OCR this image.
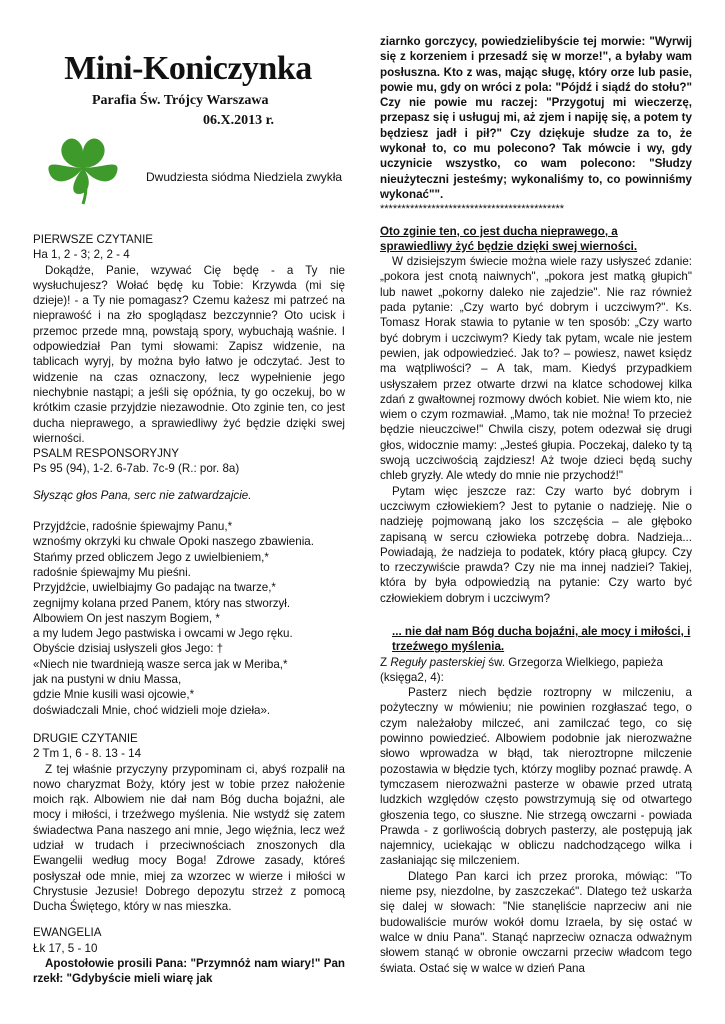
Mini-Koniczynka
Parafia Św. Trójcy Warszawa
06.X.2013 r.
Dwudziesta siódma Niedziela zwykła
PIERWSZE CZYTANIE
Ha 1, 2 - 3; 2, 2 - 4
Dokądże, Panie, wzywać Cię będę - a Ty nie wysłuchujesz? Wołać będę ku Tobie: Krzywda (mi się dzieje)! - a Ty nie pomagasz? Czemu każesz mi patrzeć na nieprawość i na zło spoglądasz bezczynnie? Oto ucisk i przemoc przede mną, powstają spory, wybuchają waśnie. I odpowiedział Pan tymi słowami: Zapisz widzenie, na tablicach wyryj, by można było łatwo je odczytać. Jest to widzenie na czas oznaczony, lecz wypełnienie jego niechybnie nastąpi; a jeśli się opóźnia, ty go oczekuj, bo w krótkim czasie przyjdzie niezawodnie. Oto zginie ten, co jest ducha nieprawego, a sprawiedliwy żyć będzie dzięki swej wierności.
PSALM RESPONSORYJNY
Ps 95 (94), 1-2. 6-7ab. 7c-9 (R.: por. 8a)
Słysząc głos Pana, serc nie zatwardzajcie.
Przyjdźcie, radośnie śpiewajmy Panu,*
wznośmy okrzyki ku chwale Opoki naszego zbawienia.
Stańmy przed obliczem Jego z uwielbieniem,*
radośnie śpiewajmy Mu pieśni.
Przyjdźcie, uwielbiajmy Go padając na twarze,*
zegnijmy kolana przed Panem, który nas stworzył.
Albowiem On jest naszym Bogiem, *
a my ludem Jego pastwiska i owcami w Jego ręku.
Obyście dzisiaj usłyszeli głos Jego: †
«Niech nie twardnieją wasze serca jak w Meriba,*
jak na pustyni w dniu Massa,
gdzie Mnie kusili wasi ojcowie,*
doświadczali Mnie, choć widzieli moje dzieła».
DRUGIE CZYTANIE
2 Tm 1, 6 - 8. 13 - 14
Z tej właśnie przyczyny przypominam ci, abyś rozpalił na nowo charyzmat Boży, który jest w tobie przez nałożenie moich rąk. Albowiem nie dał nam Bóg ducha bojaźni, ale mocy i miłości, i trzeźwego myślenia. Nie wstydź się zatem świadectwa Pana naszego ani mnie, Jego więźnia, lecz weź udział w trudach i przeciwnościach znoszonych dla Ewangelii według mocy Boga! Zdrowe zasady, któreś posłyszał ode mnie, miej za wzorzec w wierze i miłości w Chrystusie Jezusie! Dobrego depozytu strzeż z pomocą Ducha Świętego, który w nas mieszka.
EWANGELIA
Łk 17, 5 - 10
Apostołowie prosili Pana: "Przymnóż nam wiary!" Pan rzekł: "Gdybyście mieli wiarę jak
ziarnko gorczycy, powiedzielibyście tej morwie: "Wyrwij się z korzeniem i przesadź się w morze!", a byłaby wam posłuszna. Kto z was, mając sługę, który orze lub pasie, powie mu, gdy on wróci z pola: "Pójdź i siądź do stołu?" Czy nie powie mu raczej: "Przygotuj mi wieczerzę, przepasz się i usługuj mi, aż zjem i napiję się, a potem ty będziesz jadł i pił?" Czy dziękuje słudze za to, że wykonał to, co mu polecono? Tak mówcie i wy, gdy uczynicie wszystko, co wam polecono: "Słudzy nieużyteczni jesteśmy; wykonaliśmy to, co powinniśmy wykonać"".
*******************************************
Oto zginie ten, co jest ducha nieprawego, a sprawiedliwy żyć będzie dzięki swej wierności.
W dzisiejszym świecie można wiele razy usłyszeć zdanie: „pokora jest cnotą naiwnych", „pokora jest matką głupich" lub nawet „pokorny daleko nie zajedzie". Nie raz również pada pytanie: „Czy warto być dobrym i uczciwym?". Ks. Tomasz Horak stawia to pytanie w ten sposób: „Czy warto być dobrym i uczciwym? Kiedy tak pytam, wcale nie jestem pewien, jak odpowiedzieć. Jak to? – powiesz, nawet księdz ma wątpliwości? – A tak, mam. Kiedyś przypadkiem usłyszałem przez otwarte drzwi na klatce schodowej kilka zdań z gwałtownej rozmowy dwóch kobiet. Nie wiem kto, nie wiem o czym rozmawiał. „Mamo, tak nie można! To przecież będzie nieuczciwe!" Chwila ciszy, potem odezwał się drugi głos, widocznie mamy: „Jesteś głupia. Poczekaj, daleko ty tą swoją uczciwością zajdziesz! Aż twoje dzieci będą suchy chleb gryzły. Ale wtedy do mnie nie przychodź!"
Pytam więc jeszcze raz: Czy warto być dobrym i uczciwym człowiekiem? Jest to pytanie o nadzieję. Nie o nadzieję pojmowaną jako los szczęścia – ale głęboko zapisaną w sercu człowieka potrzebę dobra. Nadzieja... Powiadają, że nadzieja to podatek, który płacą głupcy. Czy to rzeczywiście prawda? Czy nie ma innej nadziei? Takiej, która by była odpowiedzią na pytanie: Czy warto być człowiekiem dobrym i uczciwym?
... nie dał nam Bóg ducha bojaźni, ale mocy i miłości, i trzeźwego myślenia.
Z Reguły pasterskiej św. Grzegorza Wielkiego, papieża (księga2, 4):
Pasterz niech będzie roztropny w milczeniu, a pożyteczny w mówieniu; nie powinien rozgłaszać tego, o czym należałoby milczeć, ani zamilczać tego, co się powinno powiedzieć. Albowiem podobnie jak nierozważne słowo wprowadza w błąd, tak nieroztropne milczenie pozostawia w błędzie tych, którzy mogliby poznać prawdę. A tymczasem nierozważni pasterze w obawie przed utratą ludzkich względów często powstrzymują się od otwartego głoszenia tego, co słuszne. Nie strzegą owczarni - powiada Prawda - z gorliwością dobrych pasterzy, ale postępują jak najemnicy, uciekając w obliczu nadchodzącego wilka i zasłaniając się milczeniem.
Dlatego Pan karci ich przez proroka, mówiąc: "To nieme psy, niezdolne, by zaszczekać". Dlatego też uskarża się dalej w słowach: "Nie stanęliście naprzeciw ani nie budowaliście murów wokół domu Izraela, by się ostać w walce w dniu Pana". Stanąć naprzeciw oznacza odważnym słowem stanąć w obronie owczarni przeciw władcom tego świata. Ostać się w walce w dzień Pana
